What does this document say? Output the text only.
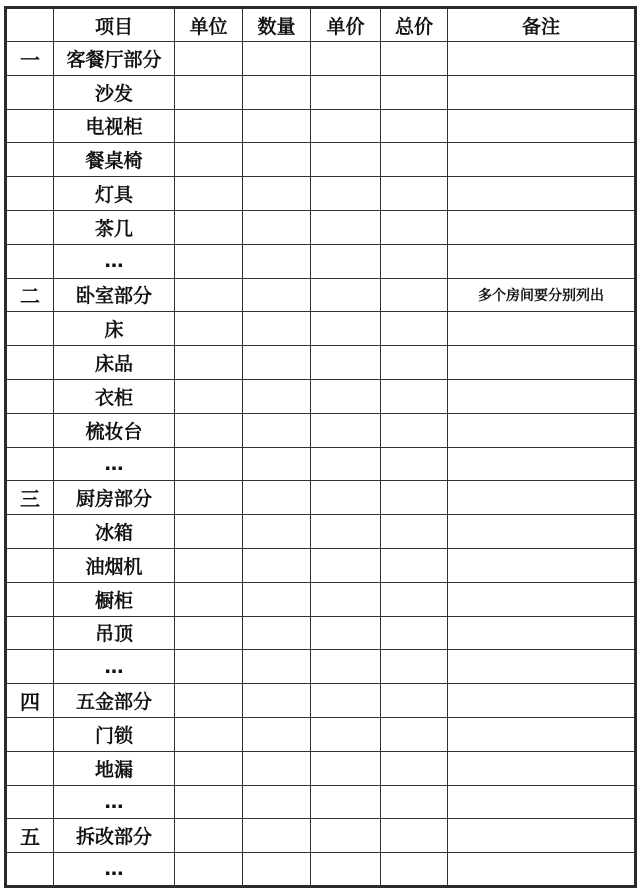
	项目	单位	数量	单价	总价	备注
一	客餐厅部分					
	沙发					
	电视柜					
	餐桌椅					
	灯具					
	茶几					
	…					
二	卧室部分					多个房间要分别列出
	床					
	床品					
	衣柜					
	梳妆台					
	…					
三	厨房部分					
	冰箱					
	油烟机					
	橱柜					
	吊顶					
	…					
四	五金部分					
	门锁					
	地漏					
	…					
五	拆改部分					
	…					
